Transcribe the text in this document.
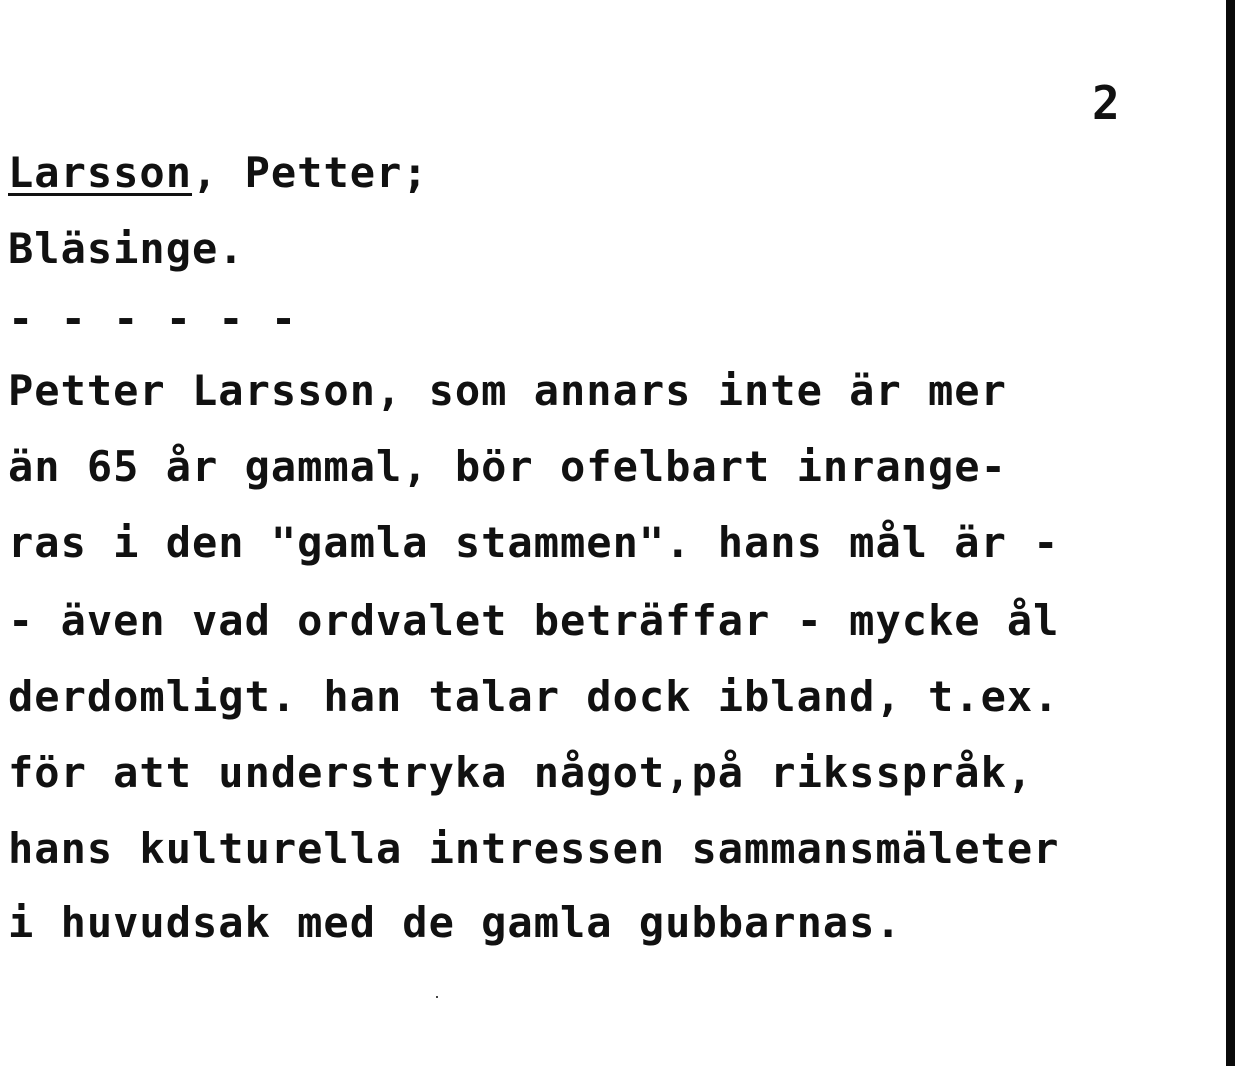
2
Larsson, Petter;
Bläsinge.
- - - - - -
Petter Larsson, som annars inte är mer
än 65 år gammal, bör ofelbart inrange-
ras i den "gamla stammen". hans mål är -
- även vad ordvalet beträffar - mycke ål
derdomligt. han talar dock ibland, t.ex.
för att understryka något,på riksspråk,
hans kulturella intressen sammansmäleter
i huvudsak med de gamla gubbarnas.
